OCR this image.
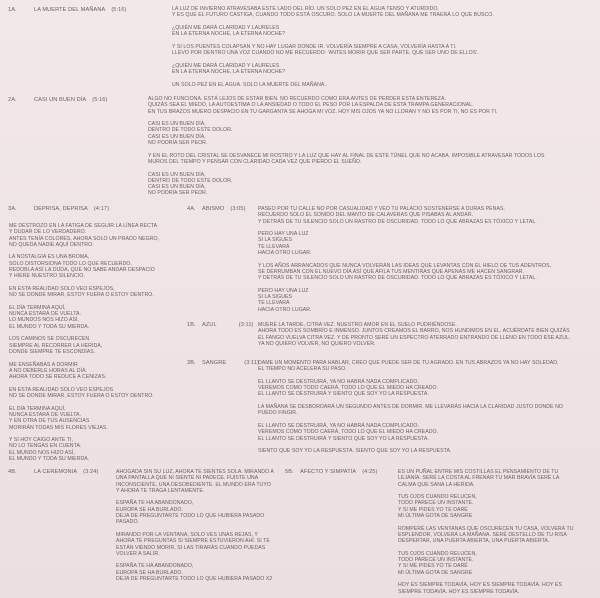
1A.	LA MUERTE DEL MAÑANA (5:16)	LA LUZ DE INVIERNO ATRAVESABA ESTE LADO DEL RÍO. UN SOLO PEZ EN EL AGUA TENSO Y ATURDIDO.
Y ES QUE EL FUTURO CASTIGA, CUANDO TODO ESTÁ OSCURO. SOLO LA MUERTE DEL MAÑANA ME TRAERÁ LO QUE BUSCO.
¿QUIÉN ME DARÁ CLARIDAD Y LAURELES
EN LA ETERNA NOCHE, LA ETERNA NOCHE?
Y SI LOS PUENTES COLAPSAN Y NO HAY LUGAR DONDE IR. VOLVERÍA SIEMPRE A CASA, VOLVERÍA HASTA A TI.
LLEVO POR DENTRO UNA VOZ CUANDO NO ME RECUERDO: 'ANTES MORIR QUE SER PARTE, QUE SER UNO DE ELLOS'.
¿QUIÉN ME DARÁ CLARIDAD Y LAURELES
EN LA ETERNA NOCHE, LA ETERNA NOCHE?
UN SOLO PEZ EN EL AGUA. SOLO LA MUERTE DEL MAÑANA.
2A.	CASI UN BUEN DÍA (5:16)	ALGO NO FUNCIONA. ESTÁ LEJOS DE ESTAR BIEN. NO RECUERDO COMO ERA ANTES DE PERDER ESTA ENTEREZA.
QUIZÁS SEA EL MIEDO, LA AUTOESTIMA O LA ANSIEDAD O TODO EL PESO POR LA ESPALDA DE ESTA TRAMPA GENERACIONAL.
EN TUS BRAZOS MUERO DESPACIO EN TU GARGANTA SE AHOGA MI VOZ. HOY MIS OJOS YA NO LLORAN Y NO ES POR TI, NO ES POR TI.
CASI ES UN BUEN DÍA,
DENTRO DE TODO ESTE DOLOR.
CASI ES UN BUEN DÍA,
NO PODRÍA SER PEOR.
Y EN EL ROTO DEL CRISTAL SE DESVANECE MI ROSTRO Y LA LUZ QUE HAY AL FINAL DE ESTE TÚNEL QUE NO ACABA. IMPOSIBLE ATRAVESAR TODOS LOS
MUROS DEL TIEMPO Y PENSAR CON CLARIDAD CADA VEZ QUE PIERDO EL SUEÑO.
CASI ES UN BUEN DÍA,
DENTRO DE TODO ESTE DOLOR.
CASI ES UN BUEN DÍA,
NO PODRÍA SER PEOR.
3A.	DEPRISA, DEPRISA (4:17)
ME DESTROZO EN LA FATIGA DE SEGUIR LA LÍNEA RECTA
Y DUDAR DE LO VERDADERO.
ANTES TENÍA COLORES, AHORA SOLO UN PRADO NEGRO,
NO QUEDA NADIE AQUÍ DENTRO.
LA NOSTALGIA ES UNA BROMA,
SOLO DISTORSIONA TODO LO QUE RECUERDO.
REDOBLA ASÍ LA DUDA, QUE NO SABE ANDAR DESPACIO
Y HIERE NUESTRO SILENCIO.
EN ESTA REALIDAD SOLO VEO ESPEJOS,
NO SE DONDE MIRAR, ESTOY FUERA O ESTOY DENTRO.
EL DÍA TERMINA AQUÍ,
NUNCA ESTARÁ DE VUELTA.
LO MUNDOS NOS HIZO ASÍ,
EL MUNDO Y TODA SU MIERDA.
LOS CAMINOS SE OSCURECEN
SIEMPRE AL RECORRER LA HERIDA,
DONDE SIEMPRE TE ESCONDÍAS.
ME ENSEÑABAS A DORMIR
A NO DEBERLE HORAS AL DÍA.
AHORA TODO SE REDUCE A CENIZAS.
EN ESTA REALIDAD SOLO VEO ESPEJOS
NO SE DONDE MIRAR, ESTOY FUERA O ESTOY DENTRO.
EL DÍA TERMINA AQUÍ,
NUNCA ESTARÁ DE VUELTA.
Y EN OTRA DE TUS AUSENCIAS
MORIRÁN TODAS MIS FLORES VIEJAS.
Y SI HOY CAIGO ANTE TI,
NO LO TENGAS EN CUENTA.
EL MUNDO NOS HIZO ASÍ,
EL MUNDO Y TODA SU MIERDA.
4A. ABISMO (3:05) PASEO POR TU CALLE NO POR CASUALIDAD Y VEO TU PALACIO SOSTENERSE A DURAS PENAS.
RECUERDO SOLO EL SONIDO DEL MANTO DE CALAVERAS QUE PISABAS AL ANDAR.
Y DETRÁS DE TU SILENCIO SOLO UN RASTRO DE OSCURIDAD. TODO LO QUE ABRAZAS ES TÓXICO Y LETAL.
PERO HAY UNA LUZ
SI LA SIGUES
TE LLEVARÁ
HACIA OTRO LUGAR.
Y LOS AÑOS ARRANCADOS QUE NUNCA VOLVERÁN LAS IDEAS QUE LEVANTAS CON EL HIELO DE TUS ADENTROS,
SE DERRUMBAN CON EL NUEVO DÍA ASÍ QUE AFILA TUS MENTIRAS QUE APENAS ME HACEN SANGRAR.
Y DETRÁS DE TU SILENCIO SOLO UN RASTRO DE OSCURIDAD. TODO LO QUE ABRAZAS ES TÓXICO Y LETAL.
PERO HAY UNA LUZ
SI LA SIGUES
TE LLEVARÁ
HACIA OTRO LUGAR.
1B. AZUL	(3:11) MUERE LA TARDE, CITRA VEZ. NUESTRO AMOR EN EL SUELO PUDRIÉNDOSE.
AHORA TODO ES SOMBRÍO E INMENSO. JUNTOS CREAMOS EL BARRO, NOS HUNDIMOS EN EL. ACUÉRDATE BIEN QUIZÁS
EL FANGO VUELVA CITRA VEZ. Y DE PRONTO SERÉ UN ESPECTRO ATERRADO ENTRANDO DE LLENO EN TODO ESE AZUL.
YA NO QUIERO VOLVER, NO QUIERO VOLVER.
3B. SANGRE	(3:11)
DAME UN MOMENTO PARA HABLAR, CREO QUE PUEDE SER DE TU AGRADO. EN TUS ABRAZOS YA NO HAY SOLEDAD,
EL TIEMPO NO ACELERA SU PASO.
EL LLANTO SE DESTRUIRÁ, YA NO HABRÁ NADA COMPLICADO.
VEREMOS COMO TODO CAERÁ, TODO LO QUE EL MIEDO HA CREADO.
EL LLANTO SE DESTRUIRÁ Y SIENTO QUE SOY YO LA RESPUESTA.
LA MAÑANA SE DESBORDARÁ UN SEGUNDO ANTES DE DORMIR. ME LLEVARÁS HACIA LA CLARIDAD JUSTO DONDE NO
PUEDO FINGIR.
EL LLANTO SE DESTRUIRÁ, YA NO HABRÁ NADA COMPLICADO.
VEREMOS COMO TODO CAERÁ, TODO LO QUE EL MIEDO HA CREADO.
EL LLANTO SE DESTRUIRÁ Y SIENTO QUE SOY YO LA RESPUESTA.
SIENTO QUE SOY YO LA RESPUESTA. SIENTO QUE SOY YO LA RESPUESTA.
4B.	LA CEREMONIA (3:24)	AHOGADA SIN SU LUZ, AHORA TE SIENTES SOLA. MIRANDO A
UNA PANTALLA QUE NI SIENTE NI PADECE. FUISTE UNA
INCONSCIENTE, UNA DESOBEDIENTE. EL MUNDO ERA TUYO
Y AHORA TE TRAGA LENTAMENTE.
ESPAÑA TE HA ABANDONADO,
EUROPA SE HA BURLADO.
DEJA DE PREGUNTARTE TODO LO QUE HUBIERA PASADO
PASADO.
MIRANDO POR LA VENTANA, SOLO VES UNAS REJAS, Y
AHORA TE PREGUNTAS SI SIEMPRE ESTUVIERON AHÍ. SI TE
ESTÁN VIENDO MORIR, SI LAS TIRARÁS CUANDO PUEDAS
VOLVER A SALIR.
ESPAÑA TE HA ABANDONADO,
EUROPA SE HA BURLADO.
DEJA DE PREGUNTARTE TODO LO QUE HUBIERA PASADO X2
5B. AFECTO Y SIMPATÍA (4:25)	ES UN PUÑAL ENTRE MIS COSTILLAS EL PENSAMIENTO DE TU
LEJANÍA. SERÉ LA COSTA AL FRENAR TU MAR BRAVÍA SERÉ LA
CALMA QUE SANA LA HERIDA.
TUS OJOS CUANDO RELUCEN,
TODO PARECE UN INSTANTE.
Y SI ME PIDES YO TE DARÉ
MI ÚLTIMA GOTA DE SANGRE
ROMPERÉ LAS VENTANAS QUE OSCURECEN TU CASA, VOLVERÁ TU
ESPLENDOR, VOLVERÁ LA MAÑANA. SERÉ DESTELLO DE TU RISA
DESPERTAR, UNA PUERTA ABIERTA, UNA PUERTA ABIERTA.
TUS OJOS CUANDO RELUCEN,
TODO PARECE UN INSTANTE.
Y SI ME PIDES YO TE DARÉ
MI ÚLTIMA GOTA DE SANGRE
HOY ES SIEMPRE TODAVÍA, HOY ES SIEMPRE TODAVÍA. HOY ES
SIEMPRE TODAVÍA. HOY ES SIEMPRE TODAVÍA.
